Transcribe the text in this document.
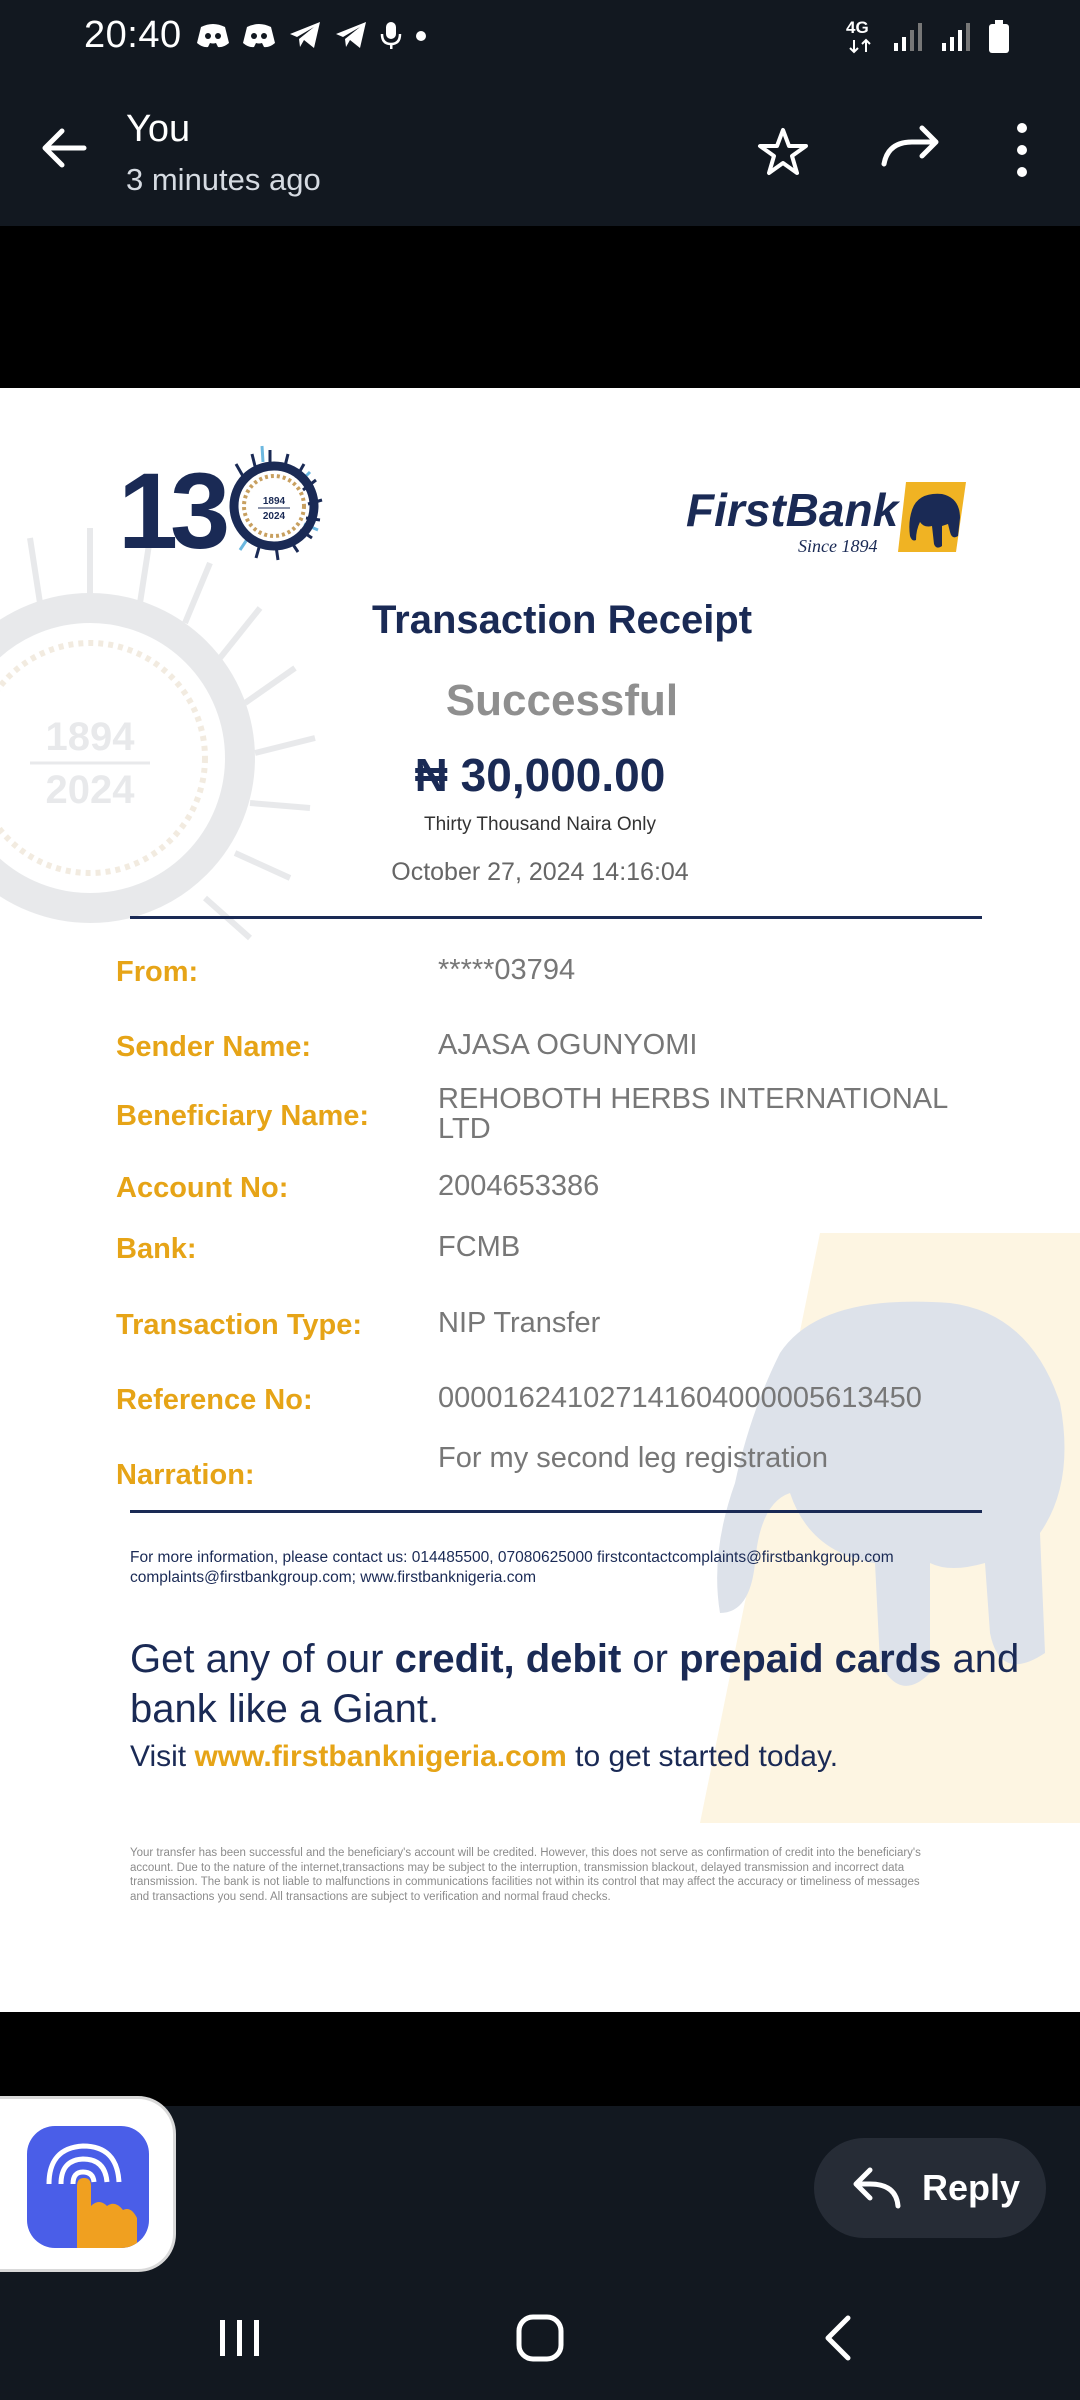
20:40	4G
You
3 minutes ago
1894
2024
13	1894
2024	FirstBank
Since 1894
Transaction Receipt
Successful
₦ 30,000.00
Thirty Thousand Naira Only
October 27, 2024 14:16:04
From:	*****03794
Sender Name:	AJASA OGUNYOMI
Beneficiary Name:
REHOBOTH HERBS INTERNATIONAL LTD
Account No:	2004653386
Bank:	FCMB
Transaction Type:	NIP Transfer
Reference No:	000016241027141604000005613450
Narration:
For my second leg registration
For more information, please contact us: 014485500, 07080625000 firstcontactcomplaints@firstbankgroup.com complaints@firstbankgroup.com; www.firstbanknigeria.com
Get any of our credit, debit or prepaid cards and bank like a Giant.
Visit www.firstbanknigeria.com to get started today.
Your transfer has been successful and the beneficiary's account will be credited. However, this does not serve as confirmation of credit into the beneficiary's account. Due to the nature of the internet,transactions may be subject to the interruption, transmission blackout, delayed transmission and incorrect data transmission. The bank is not liable to malfunctions in communications facilities not within its control that may affect the accuracy or timeliness of messages and transactions you send. All transactions are subject to verification and normal fraud checks.
Reply
